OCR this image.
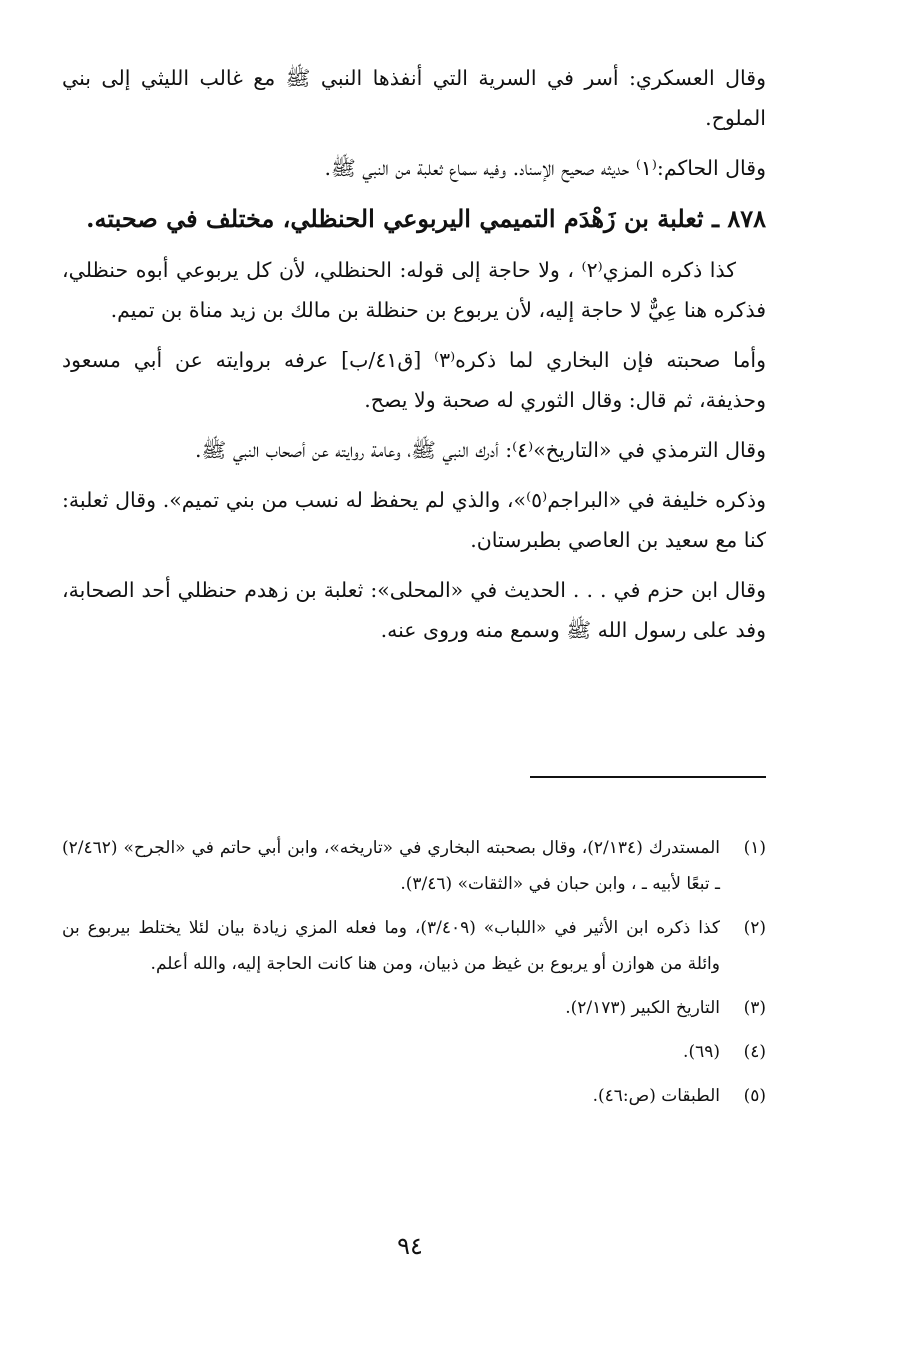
وقال العسكري: أسر في السرية التي أنفذها النبي ﷺ مع غالب الليثي إلى بني الملوح.

وقال الحاكم:⁽١⁾ حديثه صحيح الإسناد. وفيه سماع ثعلبة من النبي ﷺ.

٨٧٨ ـ ثعلبة بن زَهْدَم التميمي اليربوعي الحنظلي، مختلف في صحبته.

كذا ذكره المزي⁽٢⁾ ، ولا حاجة إلى قوله: الحنظلي، لأن كل يربوعي أبوه حنظلي، فذكره هنا عِيٌّ لا حاجة إليه، لأن يربوع بن حنظلة بن مالك بن زيد مناة بن تميم.

وأما صحبته فإن البخاري لما ذكره⁽٣⁾ [ق٤١/ب] عرفه بروايته عن أبي مسعود وحذيفة، ثم قال: وقال الثوري له صحبة ولا يصح.

وقال الترمذي في «التاريخ»⁽٤⁾: أدرك النبي ﷺ، وعامة روايته عن أصحاب النبي ﷺ.

وذكره خليفة في «البراجم⁽٥⁾»، والذي لم يحفظ له نسب من بني تميم». وقال ثعلبة: كنا مع سعيد بن العاصي بطبرستان.

وقال ابن حزم في . . . الحديث في «المحلى»: ثعلبة بن زهدم حنظلي أحد الصحابة، وفد على رسول الله ﷺ وسمع منه وروى عنه.

(١)
المستدرك (٢/١٣٤)، وقال بصحبته البخاري في «تاريخه»، وابن أبي حاتم في «الجرح» (٢/٤٦٢) ـ تبعًا لأبيه ـ ، وابن حبان في «الثقات» (٣/٤٦).
(٢)
كذا ذكره ابن الأثير في «اللباب» (٣/٤٠٩)، وما فعله المزي زيادة بيان لئلا يختلط بيربوع بن وائلة من هوازن أو يربوع بن غيظ من ذبيان، ومن هنا كانت الحاجة إليه، والله أعلم.
(٣)
التاريخ الكبير (٢/١٧٣).
(٤)
(٦٩).
(٥)
الطبقات (ص:٤٦).
٩٤
